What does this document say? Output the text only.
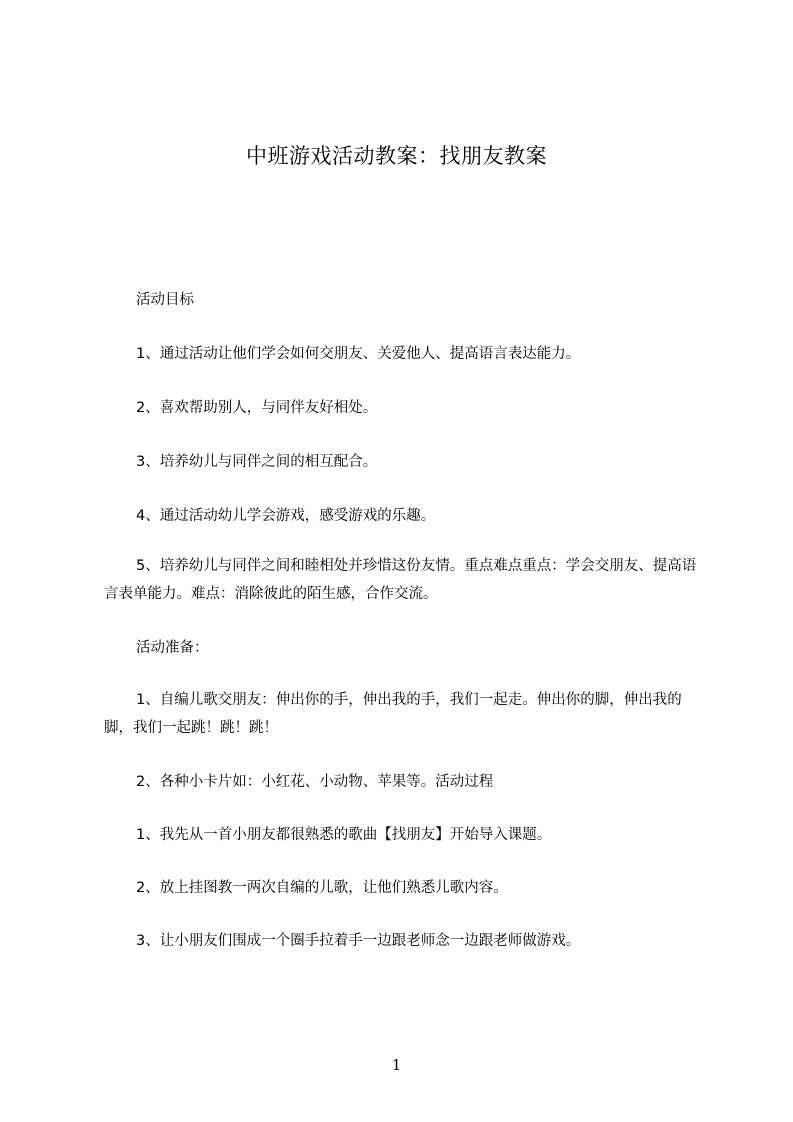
中班游戏活动教案：找朋友教案

活动目标

1、通过活动让他们学会如何交朋友、关爱他人、提高语言表达能力。

2、喜欢帮助别人，与同伴友好相处。

3、培养幼儿与同伴之间的相互配合。

4、通过活动幼儿学会游戏，感受游戏的乐趣。

5、培养幼儿与同伴之间和睦相处并珍惜这份友情。重点难点重点：学会交朋友、提高语言表单能力。难点：消除彼此的陌生感，合作交流。

活动准备：

1、自编儿歌交朋友：伸出你的手，伸出我的手，我们一起走。伸出你的脚，伸出我的脚，我们一起跳！跳！跳！

2、各种小卡片如：小红花、小动物、苹果等。活动过程

1、我先从一首小朋友都很熟悉的歌曲【找朋友】开始导入课题。

2、放上挂图教一两次自编的儿歌，让他们熟悉儿歌内容。

3、让小朋友们围成一个圈手拉着手一边跟老师念一边跟老师做游戏。

1
